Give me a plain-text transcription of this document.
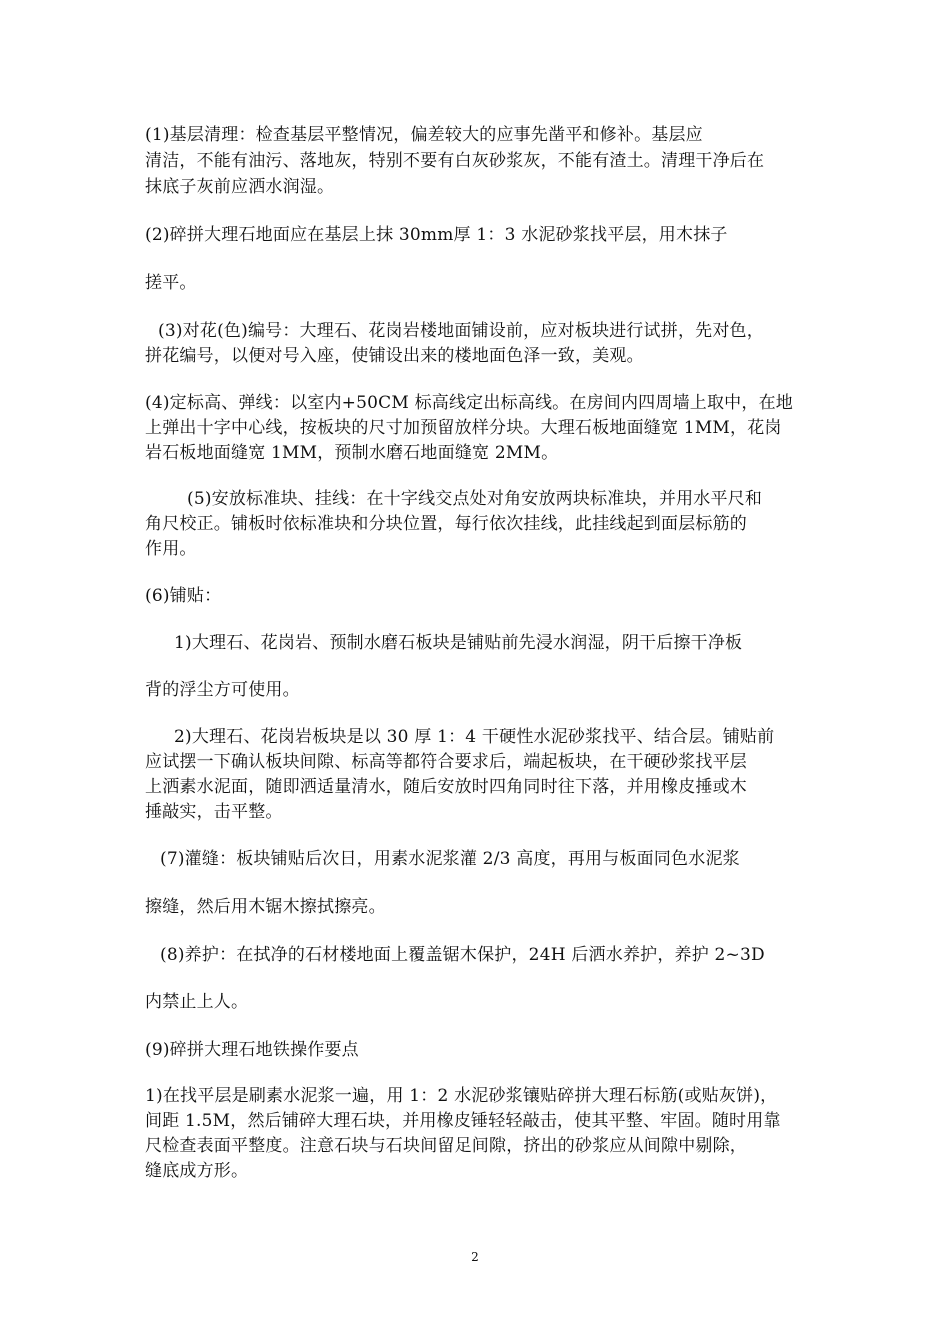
(1)基层清理：检查基层平整情况，偏差较大的应事先凿平和修补。基层应
清洁，不能有油污、落地灰，特别不要有白灰砂浆灰，不能有渣土。清理干净后在
抹底子灰前应洒水润湿。
(2)碎拼大理石地面应在基层上抹 30mm厚 1：3 水泥砂浆找平层，用木抹子
搓平。
(3)对花(色)编号：大理石、花岗岩楼地面铺设前，应对板块进行试拼，先对色，
拼花编号，以便对号入座，使铺设出来的楼地面色泽一致，美观。
(4)定标高、弹线：以室内+50CM 标高线定出标高线。在房间内四周墙上取中，在地
上弹出十字中心线，按板块的尺寸加预留放样分块。大理石板地面缝宽 1MM，花岗
岩石板地面缝宽 1MM，预制水磨石地面缝宽 2MM。
(5)安放标准块、挂线：在十字线交点处对角安放两块标准块，并用水平尺和
角尺校正。铺板时依标准块和分块位置，每行依次挂线，此挂线起到面层标筋的
作用。
(6)铺贴：
1)大理石、花岗岩、预制水磨石板块是铺贴前先浸水润湿，阴干后擦干净板
背的浮尘方可使用。
2)大理石、花岗岩板块是以 30 厚 1：4 干硬性水泥砂浆找平、结合层。铺贴前
应试摆一下确认板块间隙、标高等都符合要求后，端起板块，在干硬砂浆找平层
上洒素水泥面，随即洒适量清水，随后安放时四角同时往下落，并用橡皮捶或木
捶敲实，击平整。
(7)灌缝：板块铺贴后次日，用素水泥浆灌 2/3 高度，再用与板面同色水泥浆
擦缝，然后用木锯木擦拭擦亮。
(8)养护：在拭净的石材楼地面上覆盖锯木保护，24H 后洒水养护，养护 2~3D
内禁止上人。
(9)碎拼大理石地铁操作要点
1)在找平层是刷素水泥浆一遍，用 1：2 水泥砂浆镶贴碎拼大理石标筋(或贴灰饼)，
间距 1.5M，然后铺碎大理石块，并用橡皮锤轻轻敲击，使其平整、牢固。随时用靠
尺检查表面平整度。注意石块与石块间留足间隙，挤出的砂浆应从间隙中剔除，
缝底成方形。
2
